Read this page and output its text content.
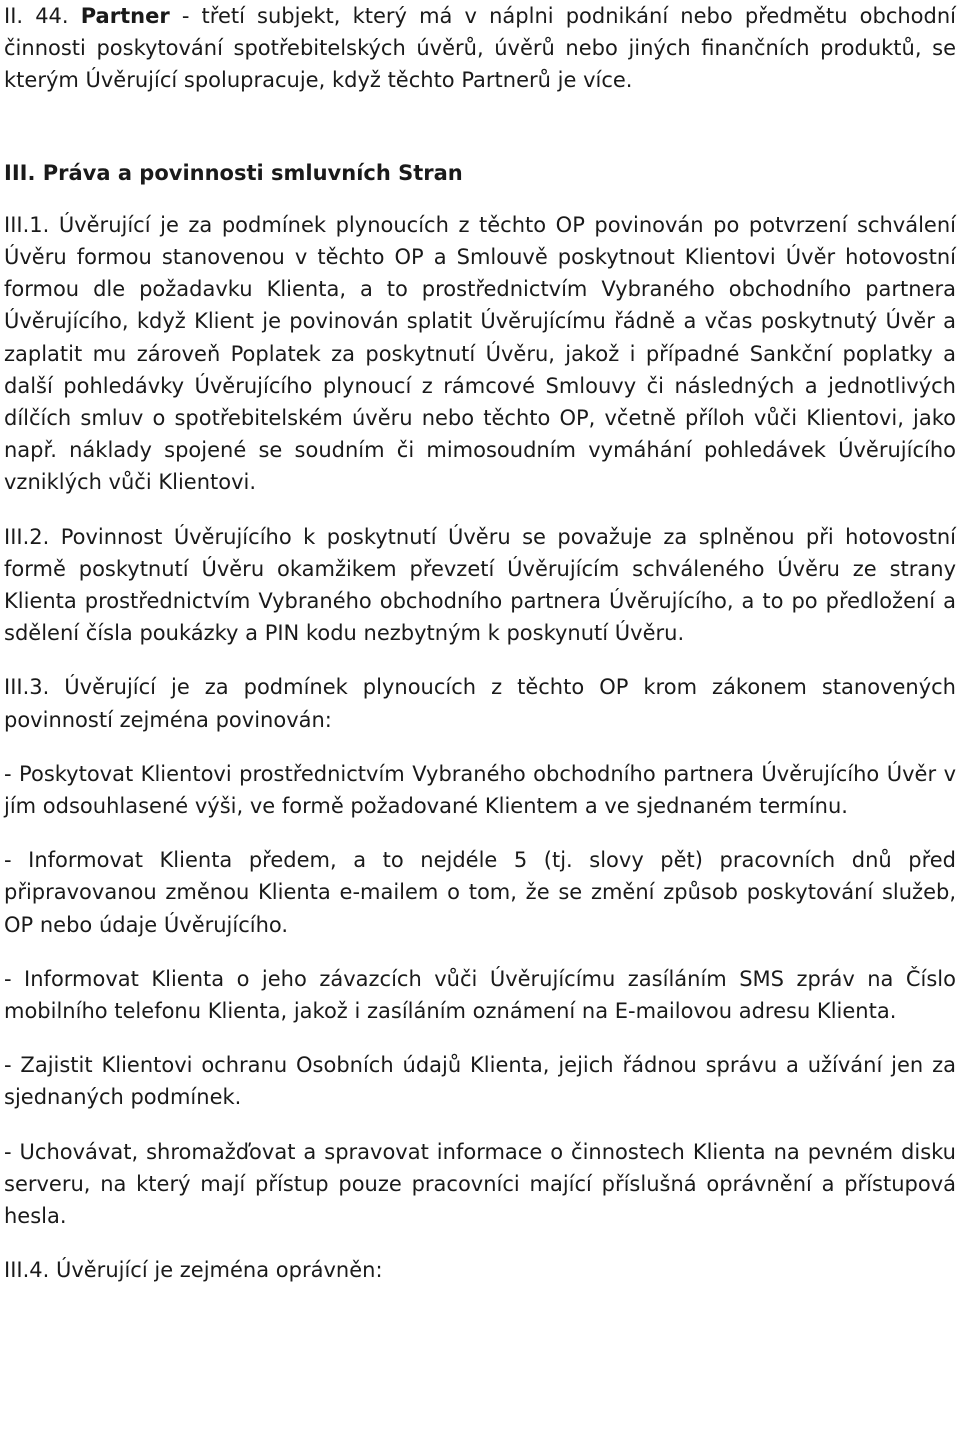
II. 44. Partner - třetí subjekt, který má v náplni podnikání nebo předmětu obchodní činnosti poskytování spotřebitelských úvěrů, úvěrů nebo jiných finančních produktů, se kterým Úvěrující spolupracuje, když těchto Partnerů je více.

III. Práva a povinnosti smluvních Stran

III.1. Úvěrující je za podmínek plynoucích z těchto OP povinován po potvrzení schválení Úvěru formou stanovenou v těchto OP a Smlouvě poskytnout Klientovi Úvěr hotovostní formou dle požadavku Klienta, a to prostřednictvím Vybraného obchodního partnera Úvěrujícího, když Klient je povinován splatit Úvěrujícímu řádně a včas poskytnutý Úvěr a zaplatit mu zároveň Poplatek za poskytnutí Úvěru, jakož i případné Sankční poplatky a další pohledávky Úvěrujícího plynoucí z rámcové Smlouvy či následných a jednotlivých dílčích smluv o spotřebitelském úvěru nebo těchto OP, včetně příloh vůči Klientovi, jako např. náklady spojené se soudním či mimosoudním vymáhání pohledávek Úvěrujícího vzniklých vůči Klientovi.

III.2. Povinnost Úvěrujícího k poskytnutí Úvěru se považuje za splněnou při hotovostní formě poskytnutí Úvěru okamžikem převzetí Úvěrujícím schváleného Úvěru ze strany Klienta prostřednictvím Vybraného obchodního partnera Úvěrujícího, a to po předložení a sdělení čísla poukázky a PIN kodu nezbytným k poskynutí Úvěru.

III.3. Úvěrující je za podmínek plynoucích z těchto OP krom zákonem stanovených povinností zejména povinován:

- Poskytovat Klientovi prostřednictvím Vybraného obchodního partnera Úvěrujícího Úvěr v jím odsouhlasené výši, ve formě požadované Klientem a ve sjednaném termínu.

- Informovat Klienta předem, a to nejdéle 5 (tj. slovy pět) pracovních dnů před připravovanou změnou Klienta e-mailem o tom, že se změní způsob poskytování služeb, OP nebo údaje Úvěrujícího.

- Informovat Klienta o jeho závazcích vůči Úvěrujícímu zasíláním SMS zpráv na Číslo mobilního telefonu Klienta, jakož i zasíláním oznámení na E-mailovou adresu Klienta.

- Zajistit Klientovi ochranu Osobních údajů Klienta, jejich řádnou správu a užívání jen za sjednaných podmínek.

- Uchovávat, shromažďovat a spravovat informace o činnostech Klienta na pevném disku serveru, na který mají přístup pouze pracovníci mající příslušná oprávnění a přístupová hesla.

III.4. Úvěrující je zejména oprávněn:
